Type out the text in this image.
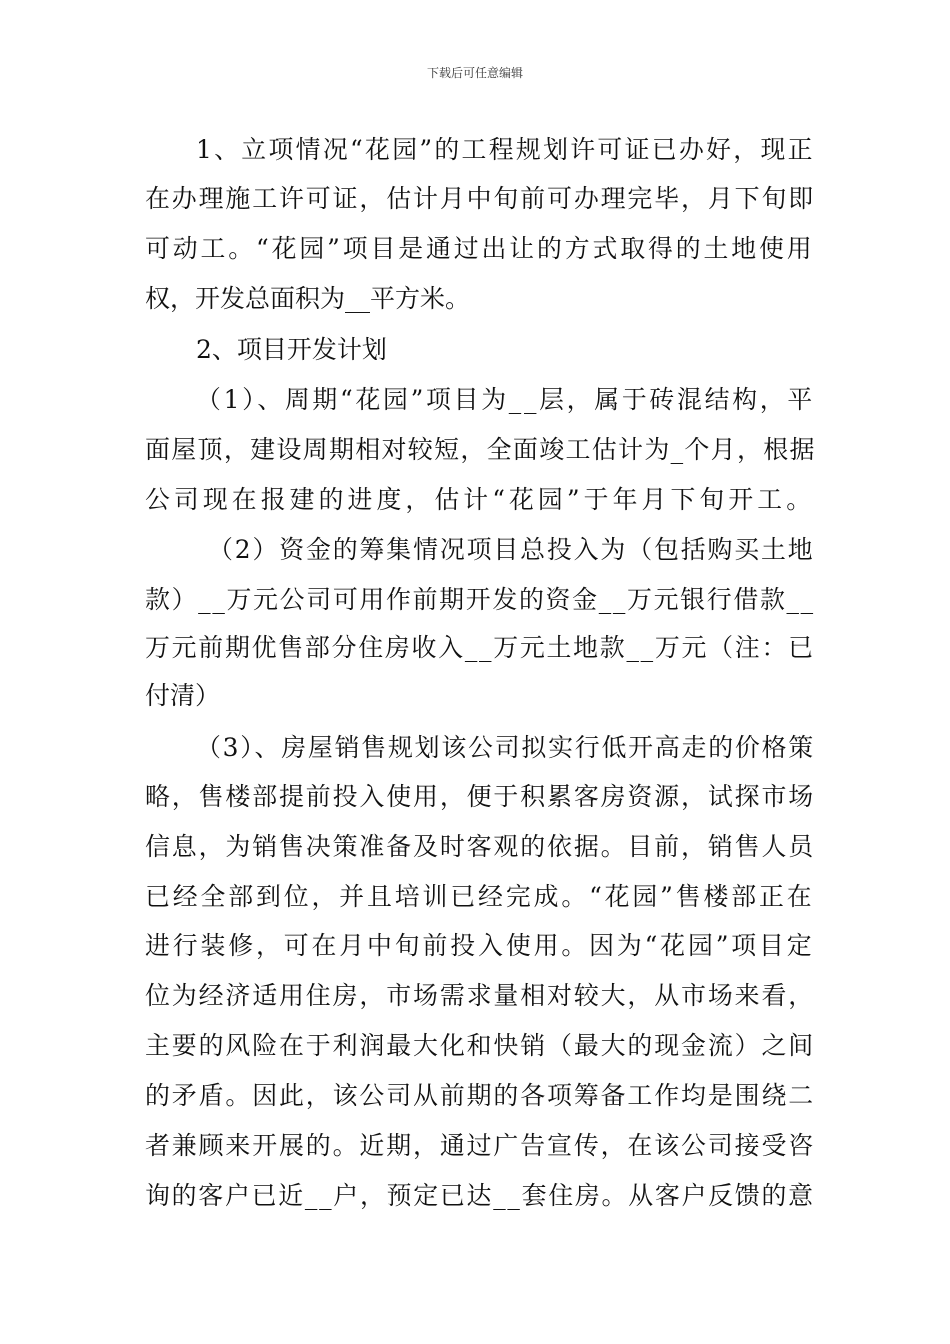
下载后可任意编辑
1、立项情况“花园”的工程规划许可证已办好，现正
在办理施工许可证，估计月中旬前可办理完毕，月下旬即
可动工。“花园”项目是通过出让的方式取得的土地使用
权，开发总面积为__平方米。
2、项目开发计划
（1）、周期“花园”项目为__层，属于砖混结构，平
面屋顶，建设周期相对较短，全面竣工估计为_个月，根据
公司现在报建的进度，估计“花园”于年月下旬开工。
（2）资金的筹集情况项目总投入为（包括购买土地
款）__万元公司可用作前期开发的资金__万元银行借款__
万元前期优售部分住房收入__万元土地款__万元（注：已
付清）
（3）、房屋销售规划该公司拟实行低开高走的价格策
略，售楼部提前投入使用，便于积累客房资源，试探市场
信息，为销售决策准备及时客观的依据。目前，销售人员
已经全部到位，并且培训已经完成。“花园”售楼部正在
进行装修，可在月中旬前投入使用。因为“花园”项目定
位为经济适用住房，市场需求量相对较大，从市场来看，
主要的风险在于利润最大化和快销（最大的现金流）之间
的矛盾。因此，该公司从前期的各项筹备工作均是围绕二
者兼顾来开展的。近期，通过广告宣传，在该公司接受咨
询的客户已近__户，预定已达__套住房。从客户反馈的意
